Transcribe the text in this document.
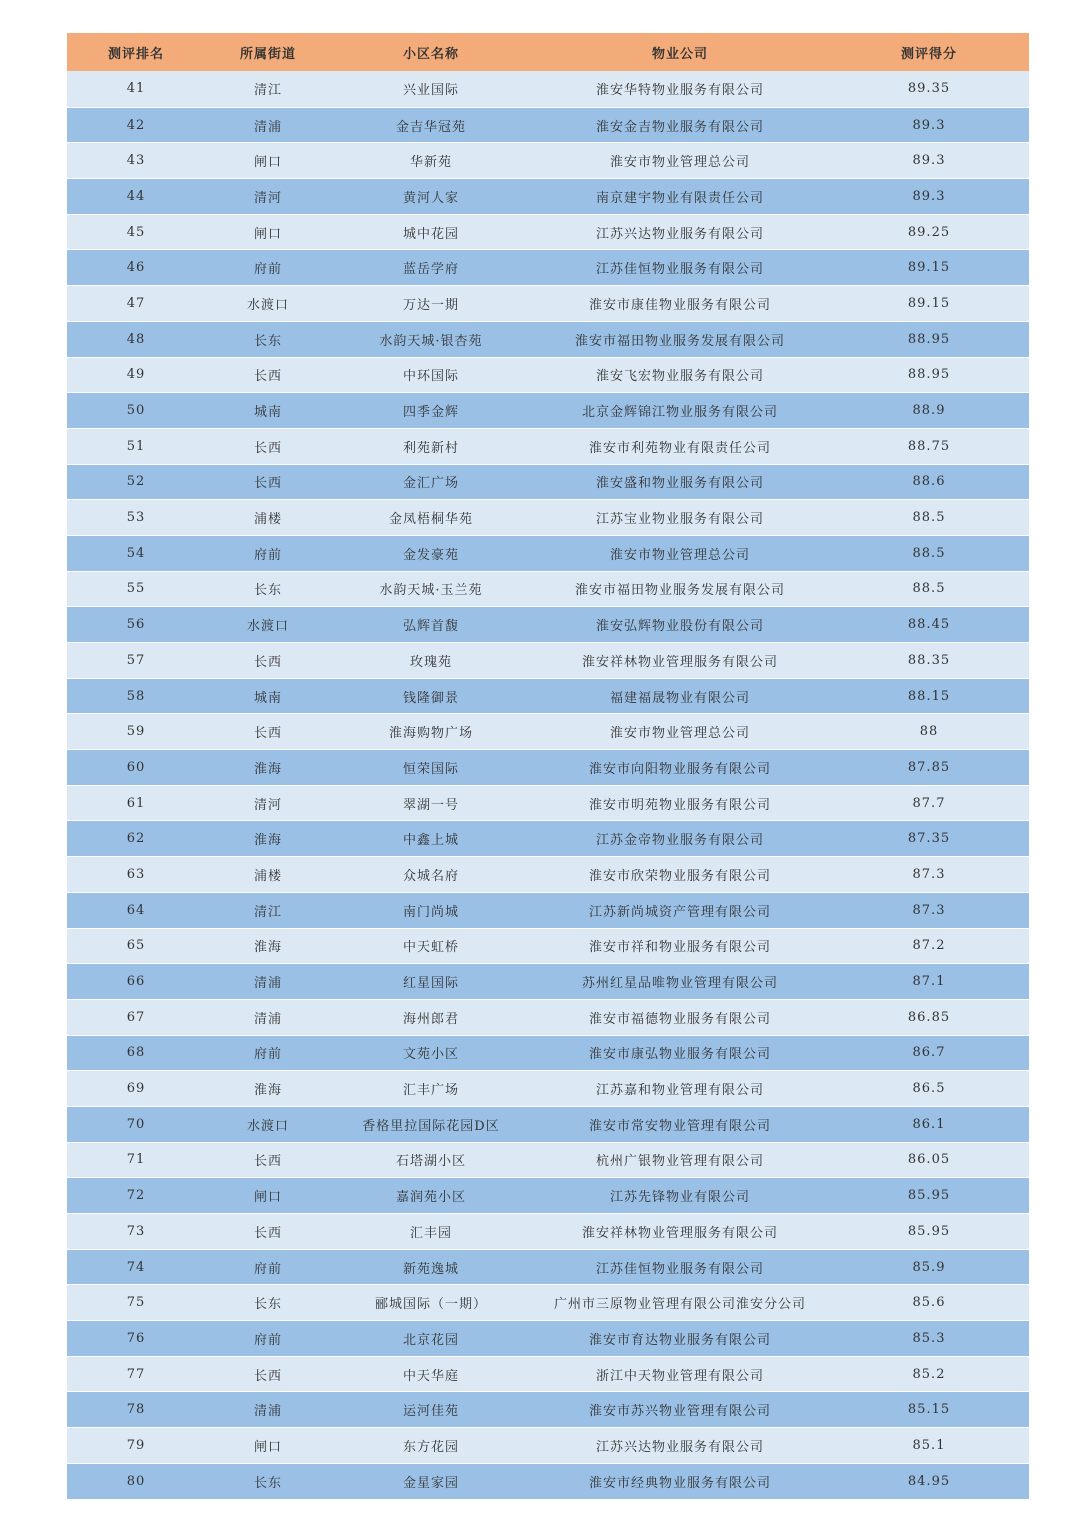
测评排名	所属街道	小区名称	物业公司	测评得分
41	清江	兴业国际	淮安华特物业服务有限公司	89.35
42	清浦	金吉华冠苑	淮安金吉物业服务有限公司	89.3
43	闸口	华新苑	淮安市物业管理总公司	89.3
44	清河	黄河人家	南京建宇物业有限责任公司	89.3
45	闸口	城中花园	江苏兴达物业服务有限公司	89.25
46	府前	蓝岳学府	江苏佳恒物业服务有限公司	89.15
47	水渡口	万达一期	淮安市康佳物业服务有限公司	89.15
48	长东	水韵天城·银杏苑	淮安市福田物业服务发展有限公司	88.95
49	长西	中环国际	淮安飞宏物业服务有限公司	88.95
50	城南	四季金辉	北京金辉锦江物业服务有限公司	88.9
51	长西	利苑新村	淮安市利苑物业有限责任公司	88.75
52	长西	金汇广场	淮安盛和物业服务有限公司	88.6
53	浦楼	金凤梧桐华苑	江苏宝业物业服务有限公司	88.5
54	府前	金发豪苑	淮安市物业管理总公司	88.5
55	长东	水韵天城·玉兰苑	淮安市福田物业服务发展有限公司	88.5
56	水渡口	弘辉首馥	淮安弘辉物业股份有限公司	88.45
57	长西	玫瑰苑	淮安祥林物业管理服务有限公司	88.35
58	城南	钱隆御景	福建福晟物业有限公司	88.15
59	长西	淮海购物广场	淮安市物业管理总公司	88
60	淮海	恒荣国际	淮安市向阳物业服务有限公司	87.85
61	清河	翠湖一号	淮安市明苑物业服务有限公司	87.7
62	淮海	中鑫上城	江苏金帝物业服务有限公司	87.35
63	浦楼	众城名府	淮安市欣荣物业服务有限公司	87.3
64	清江	南门尚城	江苏新尚城资产管理有限公司	87.3
65	淮海	中天虹桥	淮安市祥和物业服务有限公司	87.2
66	清浦	红星国际	苏州红星品唯物业管理有限公司	87.1
67	清浦	海州郎君	淮安市福德物业服务有限公司	86.85
68	府前	文苑小区	淮安市康弘物业服务有限公司	86.7
69	淮海	汇丰广场	江苏嘉和物业管理有限公司	86.5
70	水渡口	香格里拉国际花园D区	淮安市常安物业管理有限公司	86.1
71	长西	石塔湖小区	杭州广银物业管理有限公司	86.05
72	闸口	嘉润苑小区	江苏先锋物业有限公司	85.95
73	长西	汇丰园	淮安祥林物业管理服务有限公司	85.95
74	府前	新苑逸城	江苏佳恒物业服务有限公司	85.9
75	长东	郦城国际（一期）	广州市三原物业管理有限公司淮安分公司	85.6
76	府前	北京花园	淮安市育达物业服务有限公司	85.3
77	长西	中天华庭	浙江中天物业管理有限公司	85.2
78	清浦	运河佳苑	淮安市苏兴物业管理有限公司	85.15
79	闸口	东方花园	江苏兴达物业服务有限公司	85.1
80	长东	金星家园	淮安市经典物业服务有限公司	84.95
